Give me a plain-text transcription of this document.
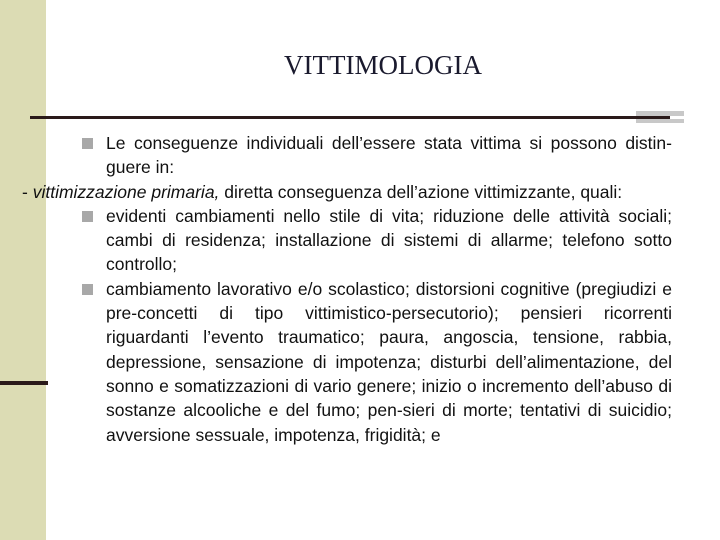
VITTIMOLOGIA

Le conseguenze individuali dell’essere stata vittima si possono distin-guere in:

- vittimizzazione primaria, diretta conseguenza dell’azione vittimizzante, quali:

evidenti cambiamenti nello stile di vita; riduzione delle attività sociali; cambi di residenza; installazione di sistemi di allarme; telefono sotto controllo;

cambiamento lavorativo e/o scolastico; distorsioni cognitive (pregiudizi e pre-concetti di tipo vittimistico-persecutorio); pensieri ricorrenti riguardanti l’evento traumatico; paura, angoscia, tensione, rabbia, depressione, sensazione di impotenza; disturbi dell’alimentazione, del sonno e somatizzazioni di vario genere; inizio o incremento dell’abuso di sostanze alcooliche e del fumo; pen-sieri di morte; tentativi di suicidio; avversione sessuale, impotenza, frigidità; e
